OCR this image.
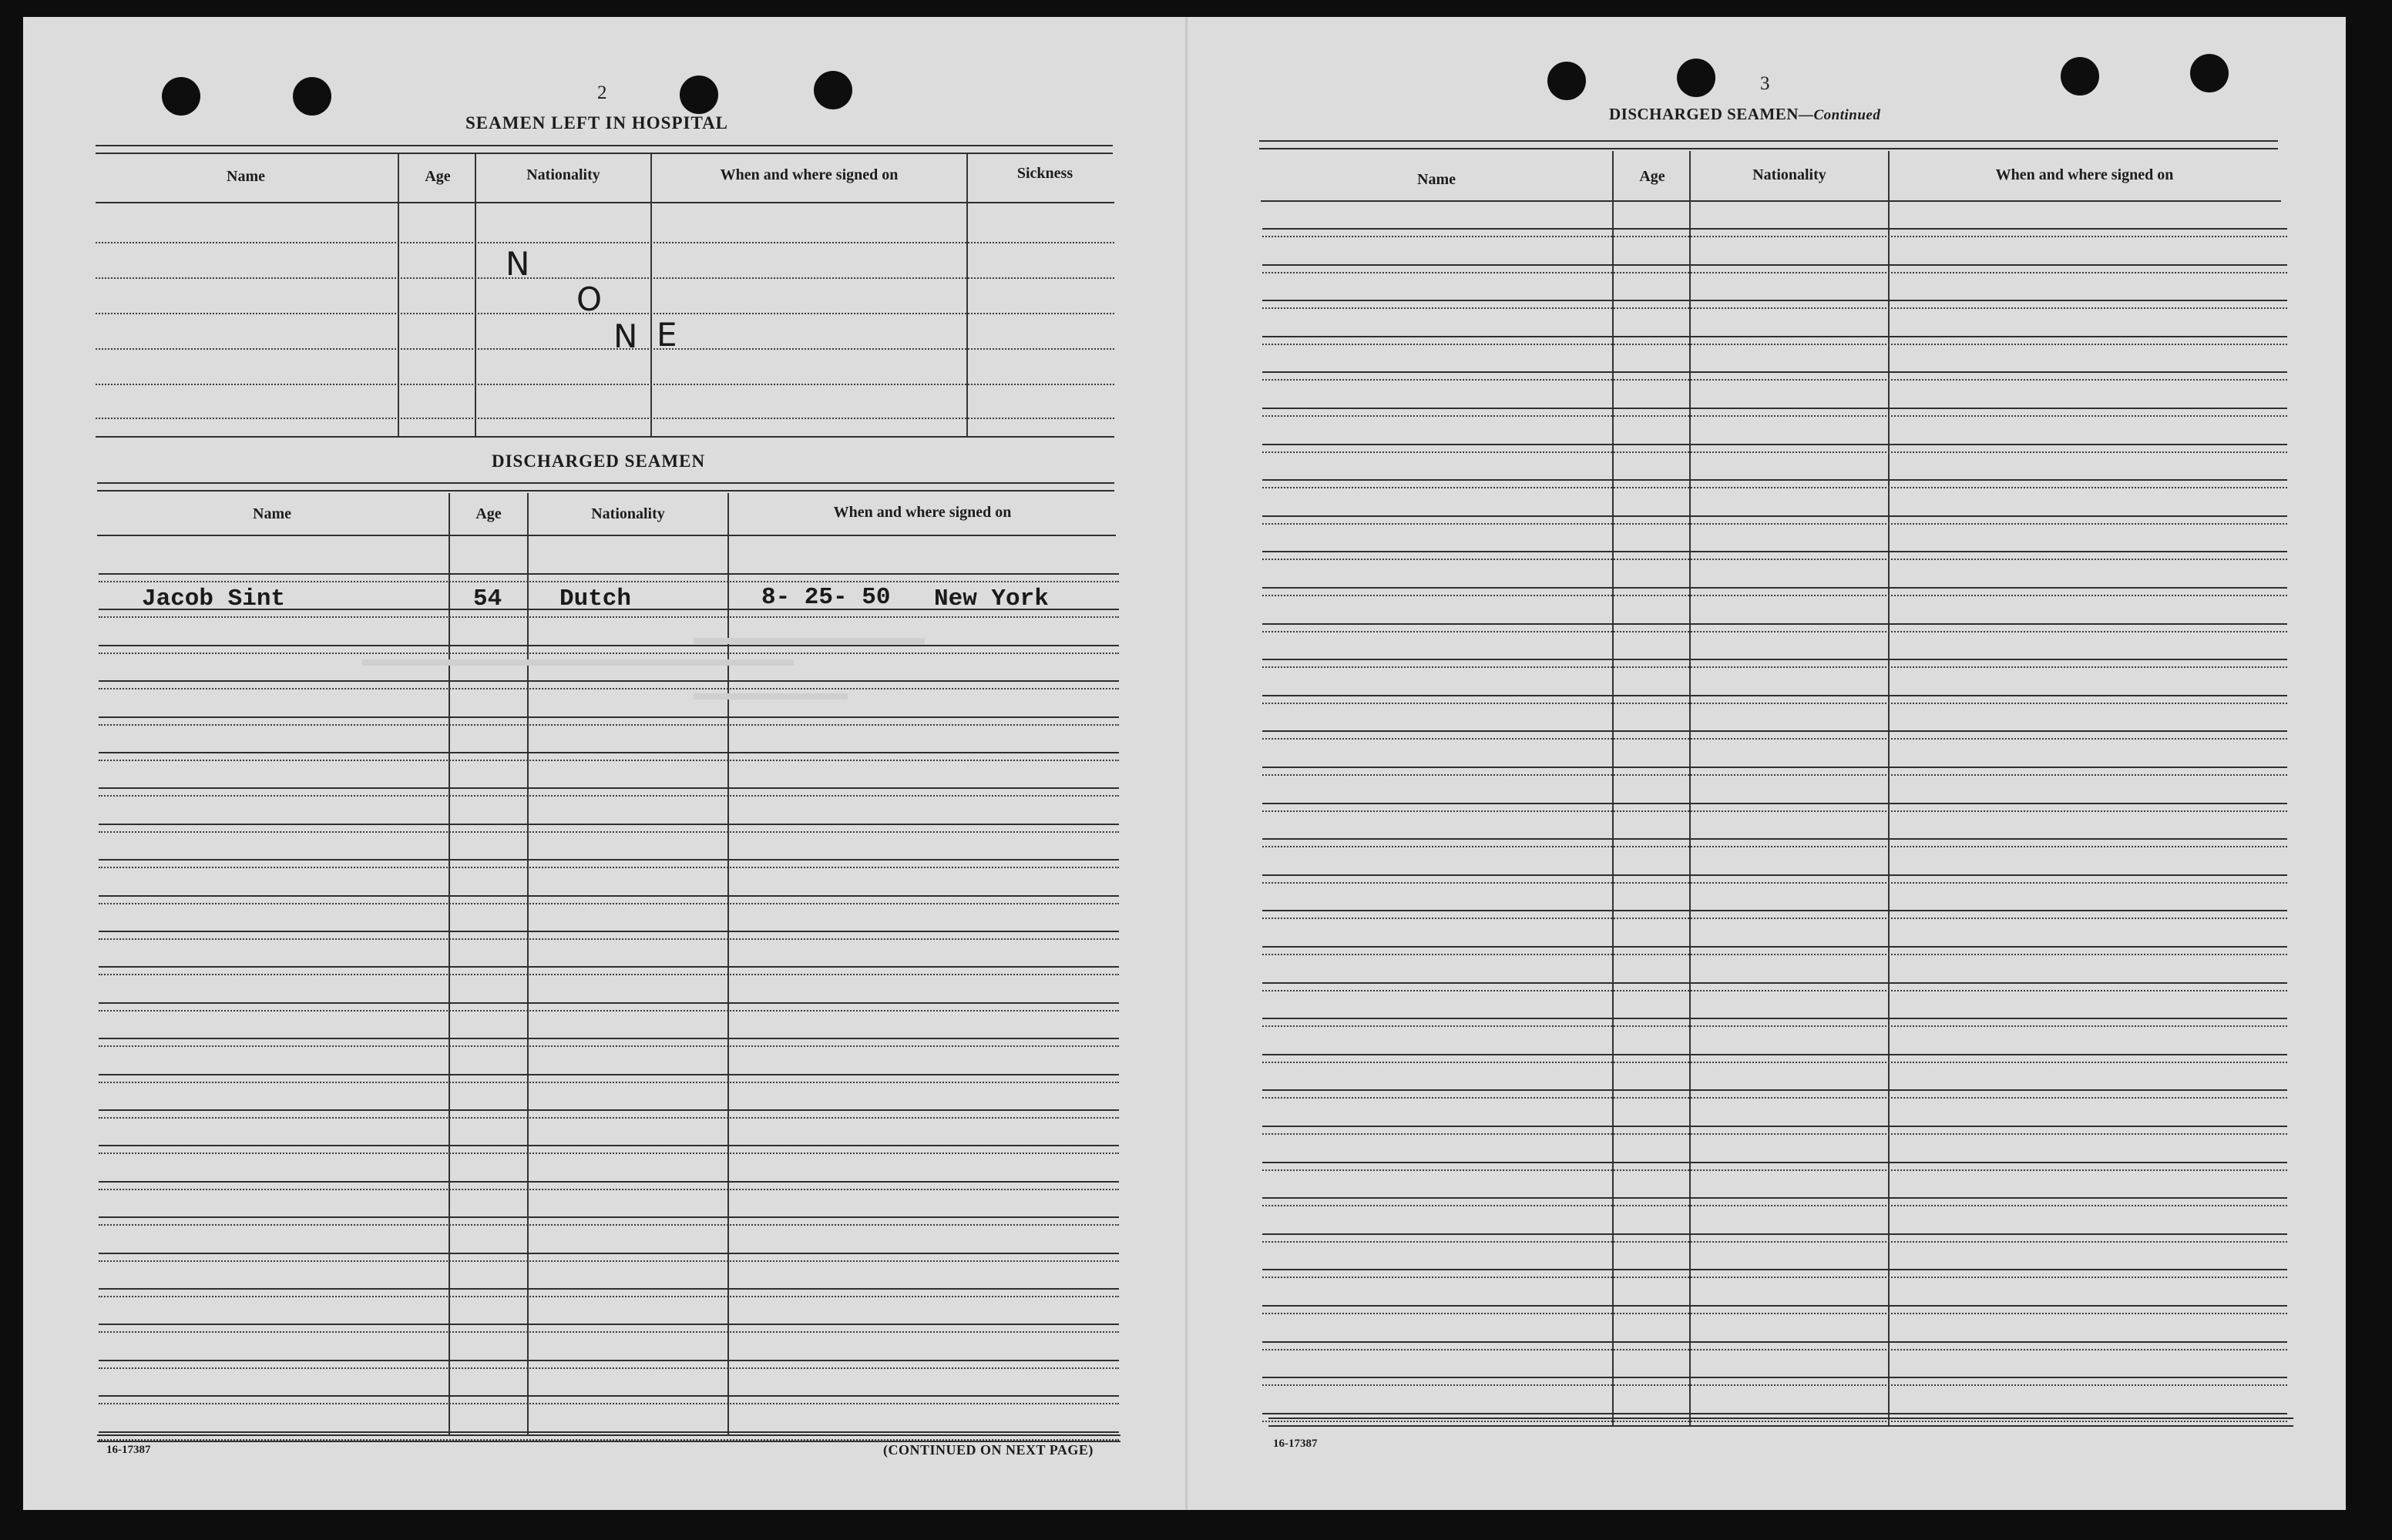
2
SEAMEN LEFT IN HOSPITAL
Name	Age	Nationality	When and where signed on	Sickness
N
O
N E
DISCHARGED SEAMEN
Name	Age	Nationality	When and where signed on
Jacob Sint	54 Dutch	8- 25- 50 New York
16-17387	(CONTINUED ON NEXT PAGE)
3
DISCHARGED SEAMEN—Continued
Name	Age	Nationality	When and where signed on
16-17387
